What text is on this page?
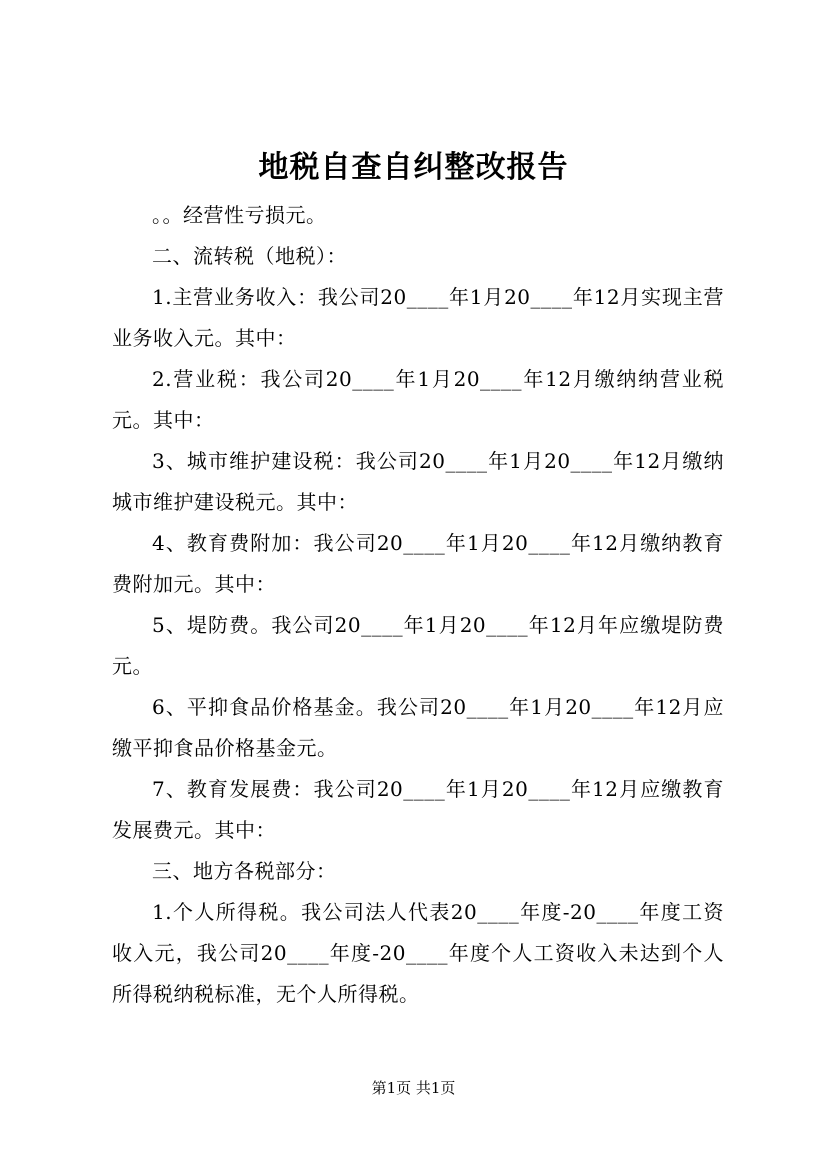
地税自查自纠整改报告

。。经营性亏损元。

二、流转税（地税）：

1.主营业务收入：我公司20____年1月20____年12月实现主营业务收入元。其中：

2.营业税：我公司20____年1月20____年12月缴纳纳营业税元。其中：

3、城市维护建设税：我公司20____年1月20____年12月缴纳城市维护建设税元。其中：

4、教育费附加：我公司20____年1月20____年12月缴纳教育费附加元。其中：

5、堤防费。我公司20____年1月20____年12月年应缴堤防费元。

6、平抑食品价格基金。我公司20____年1月20____年12月应缴平抑食品价格基金元。

7、教育发展费：我公司20____年1月20____年12月应缴教育发展费元。其中：

三、地方各税部分：

1.个人所得税。我公司法人代表20____年度-20____年度工资收入元，我公司20____年度-20____年度个人工资收入未达到个人所得税纳税标准，无个人所得税。

第1页 共1页
